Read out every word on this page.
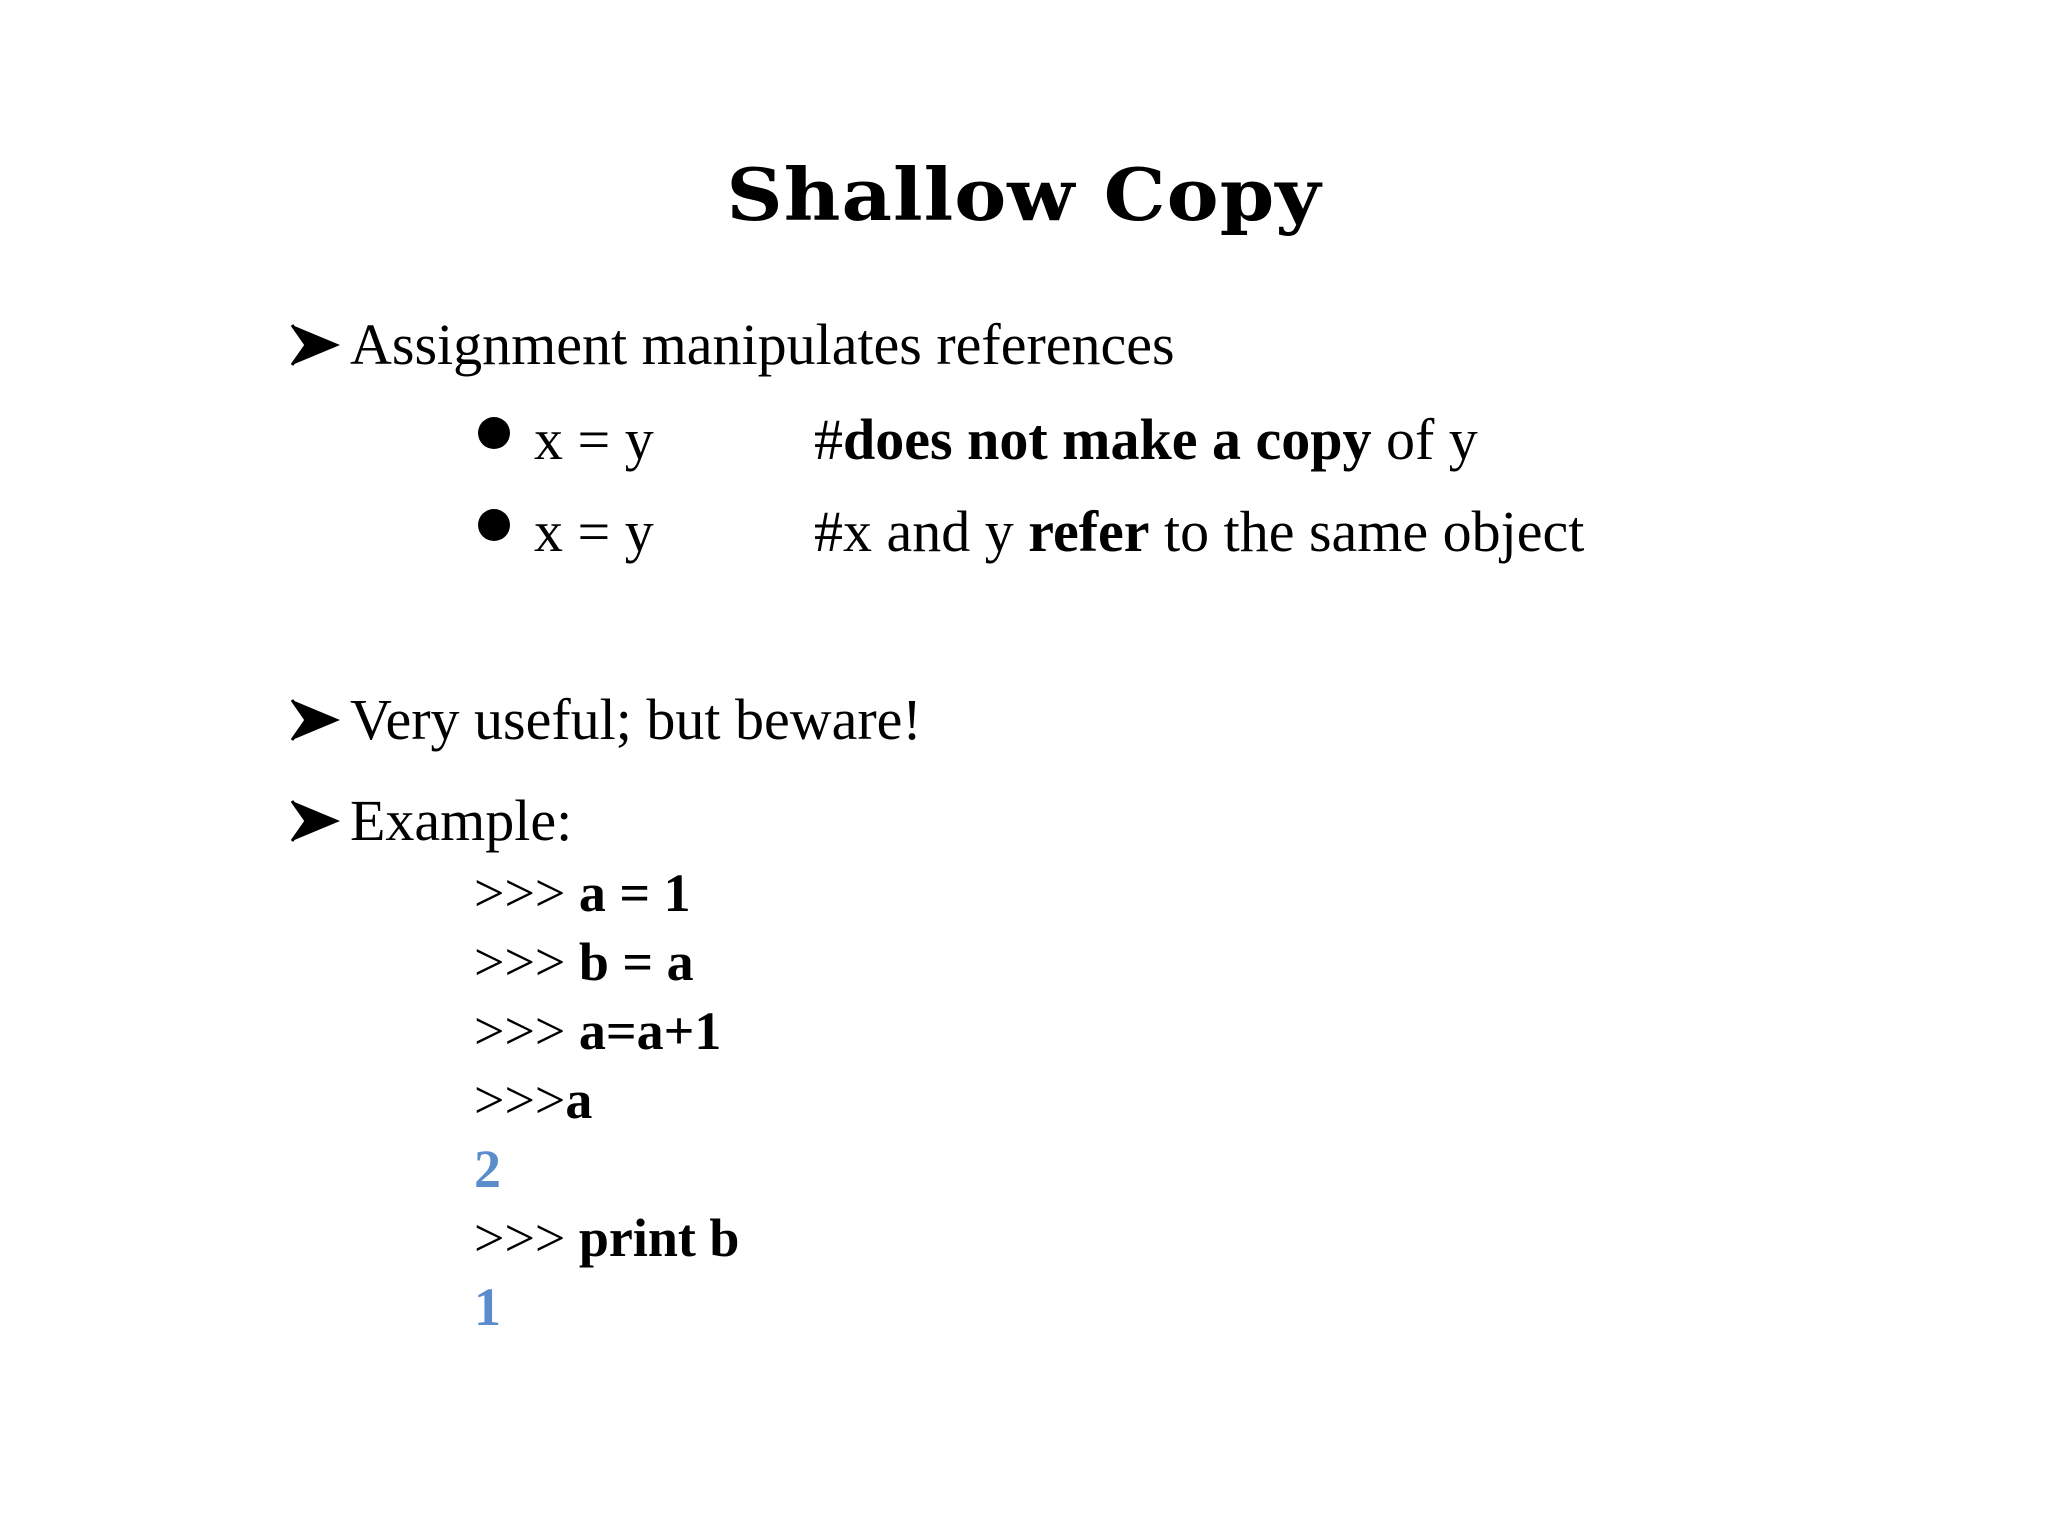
Shallow Copy
Assignment manipulates references
x = y	#does not make a copy of y
x = y	#x and y refer to the same object
Very useful; but beware!
Example:
>>> a = 1
>>> b = a
>>> a=a+1
>>>a
2
>>> print b
1
